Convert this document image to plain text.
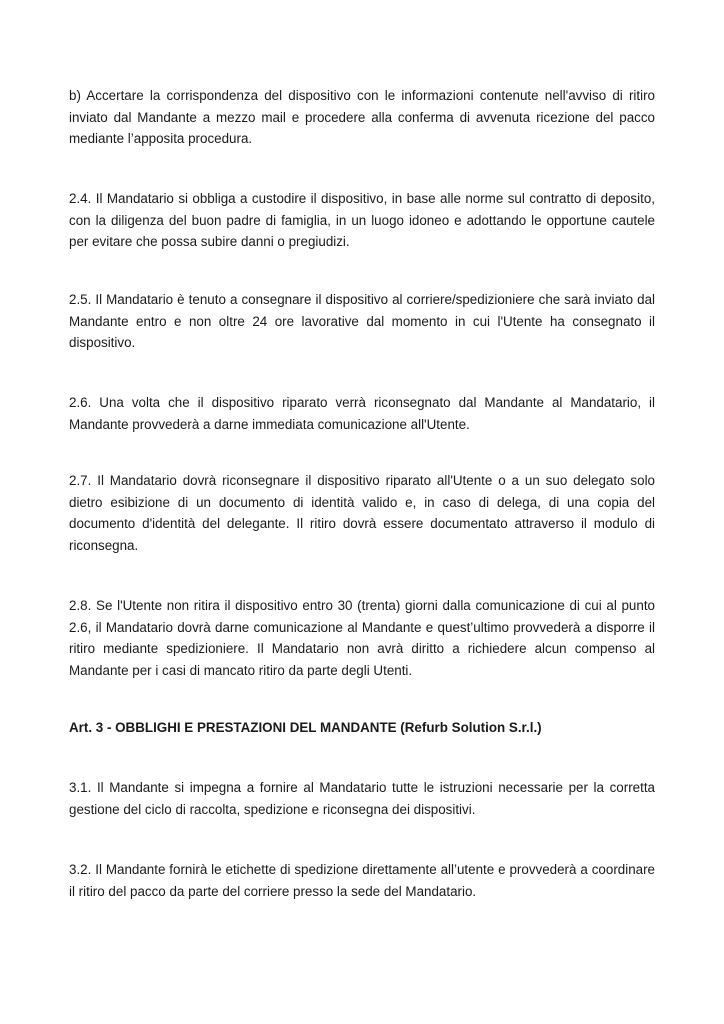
b) Accertare la corrispondenza del dispositivo con le informazioni contenute nell'avviso di ritiro inviato dal Mandante a mezzo mail e procedere alla conferma di avvenuta ricezione del pacco mediante l’apposita procedura.

2.4. Il Mandatario si obbliga a custodire il dispositivo, in base alle norme sul contratto di deposito, con la diligenza del buon padre di famiglia, in un luogo idoneo e adottando le opportune cautele per evitare che possa subire danni o pregiudizi.

2.5. Il Mandatario è tenuto a consegnare il dispositivo al corriere/spedizioniere che sarà inviato dal Mandante entro e non oltre 24 ore lavorative dal momento in cui l'Utente ha consegnato il dispositivo.

2.6. Una volta che il dispositivo riparato verrà riconsegnato dal Mandante al Mandatario, il Mandante provvederà a darne immediata comunicazione all'Utente.

2.7. Il Mandatario dovrà riconsegnare il dispositivo riparato all'Utente o a un suo delegato solo dietro esibizione di un documento di identità valido e, in caso di delega, di una copia del documento d'identità del delegante. Il ritiro dovrà essere documentato attraverso il modulo di riconsegna.

2.8. Se l'Utente non ritira il dispositivo entro 30 (trenta) giorni dalla comunicazione di cui al punto 2.6, il Mandatario dovrà darne comunicazione al Mandante e quest’ultimo provvederà a disporre il ritiro mediante spedizioniere. Il Mandatario non avrà diritto a richiedere alcun compenso al Mandante per i casi di mancato ritiro da parte degli Utenti.

Art. 3 - OBBLIGHI E PRESTAZIONI DEL MANDANTE (Refurb Solution S.r.l.)

3.1. Il Mandante si impegna a fornire al Mandatario tutte le istruzioni necessarie per la corretta gestione del ciclo di raccolta, spedizione e riconsegna dei dispositivi.

3.2. Il Mandante fornirà le etichette di spedizione direttamente all’utente e provvederà a coordinare il ritiro del pacco da parte del corriere presso la sede del Mandatario.
